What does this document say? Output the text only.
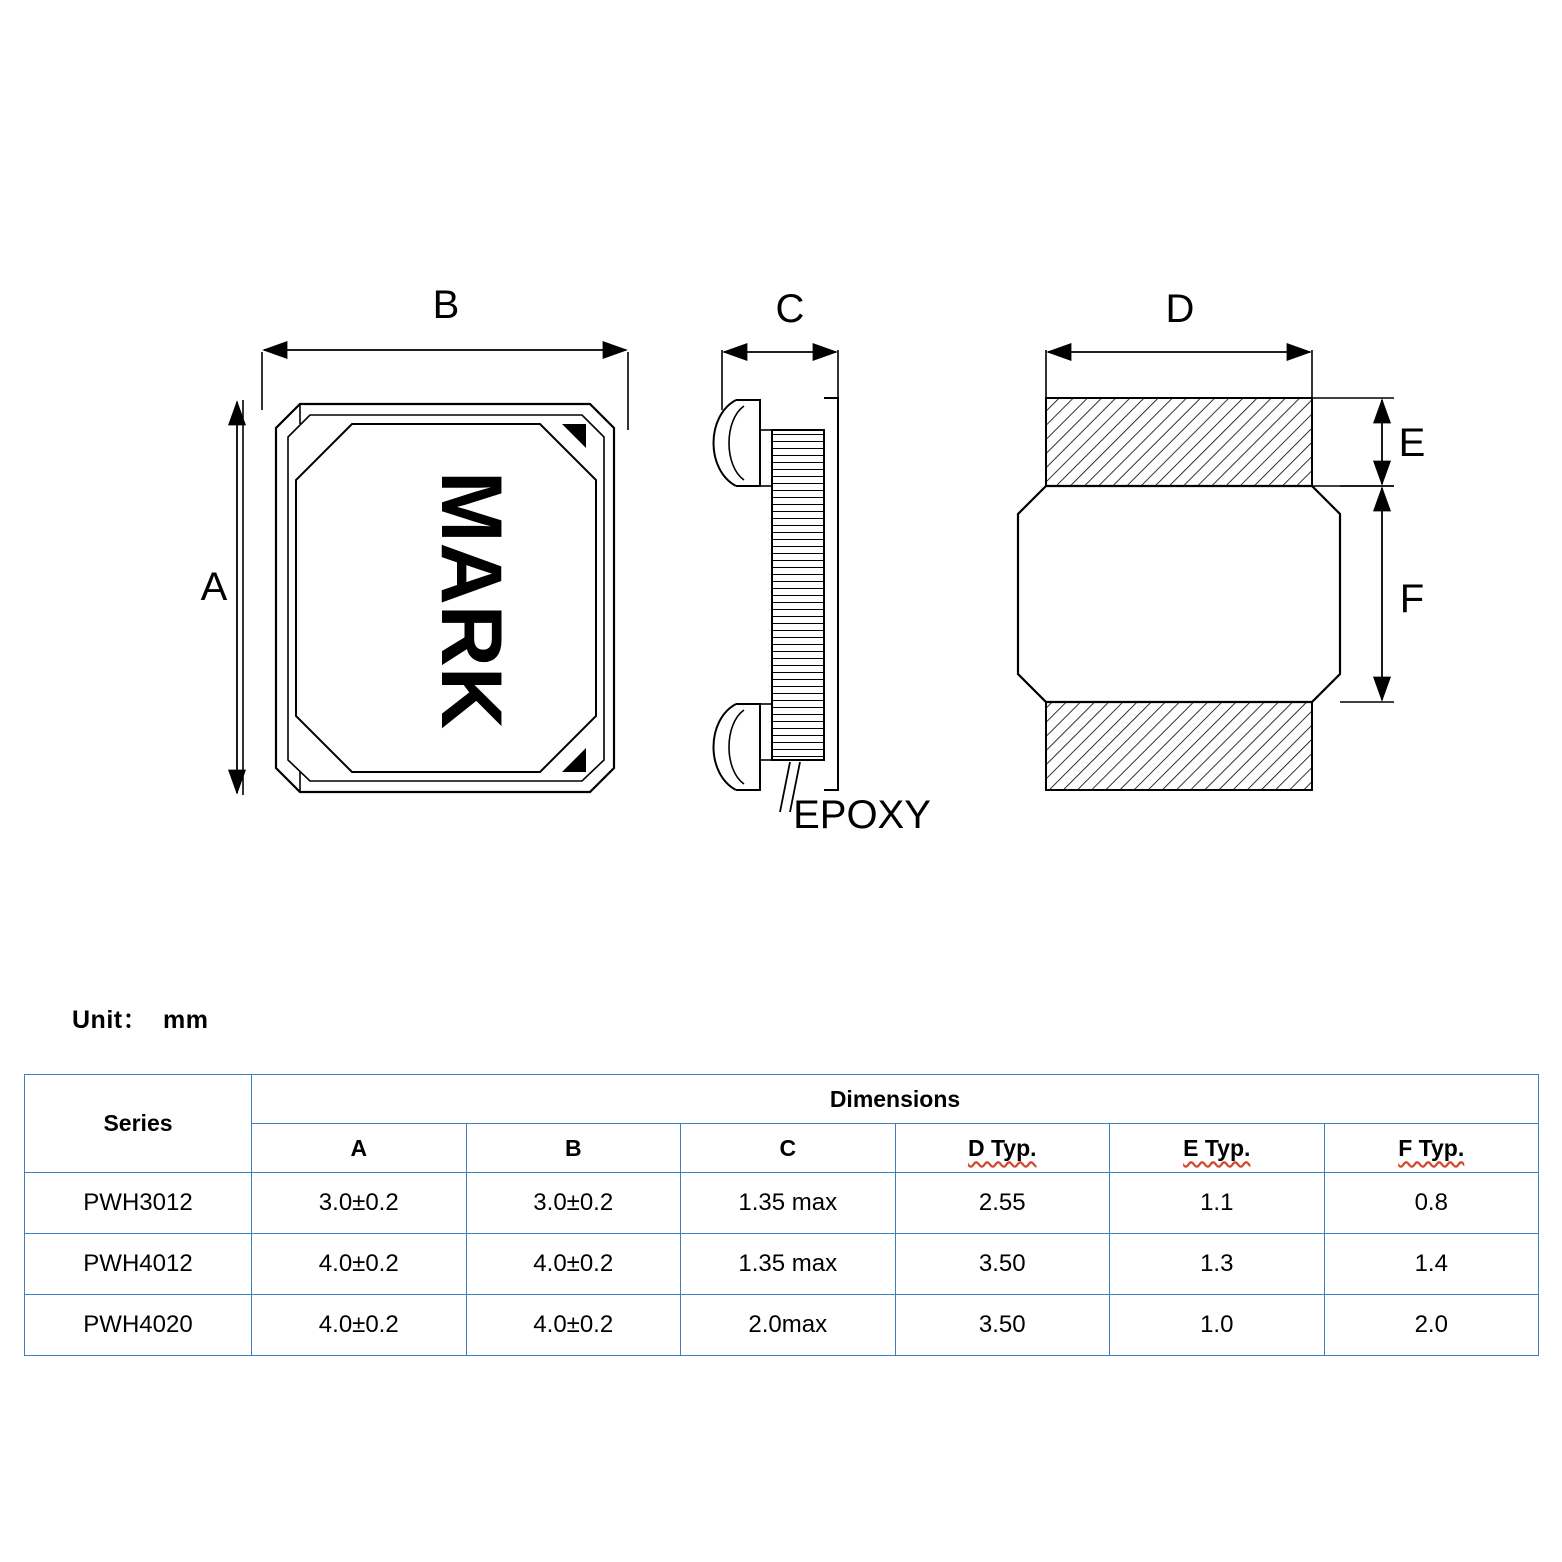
MARK
B
A
C
EPOXY
D
E
F
Unit： mm
Series	Dimensions					
	A	B	C	D Typ.	E Typ.	F Typ.
PWH3012	3.0±0.2	3.0±0.2	1.35 max	2.55	1.1	0.8
PWH4012	4.0±0.2	4.0±0.2	1.35 max	3.50	1.3	1.4
PWH4020	4.0±0.2	4.0±0.2	2.0max	3.50	1.0	2.0
